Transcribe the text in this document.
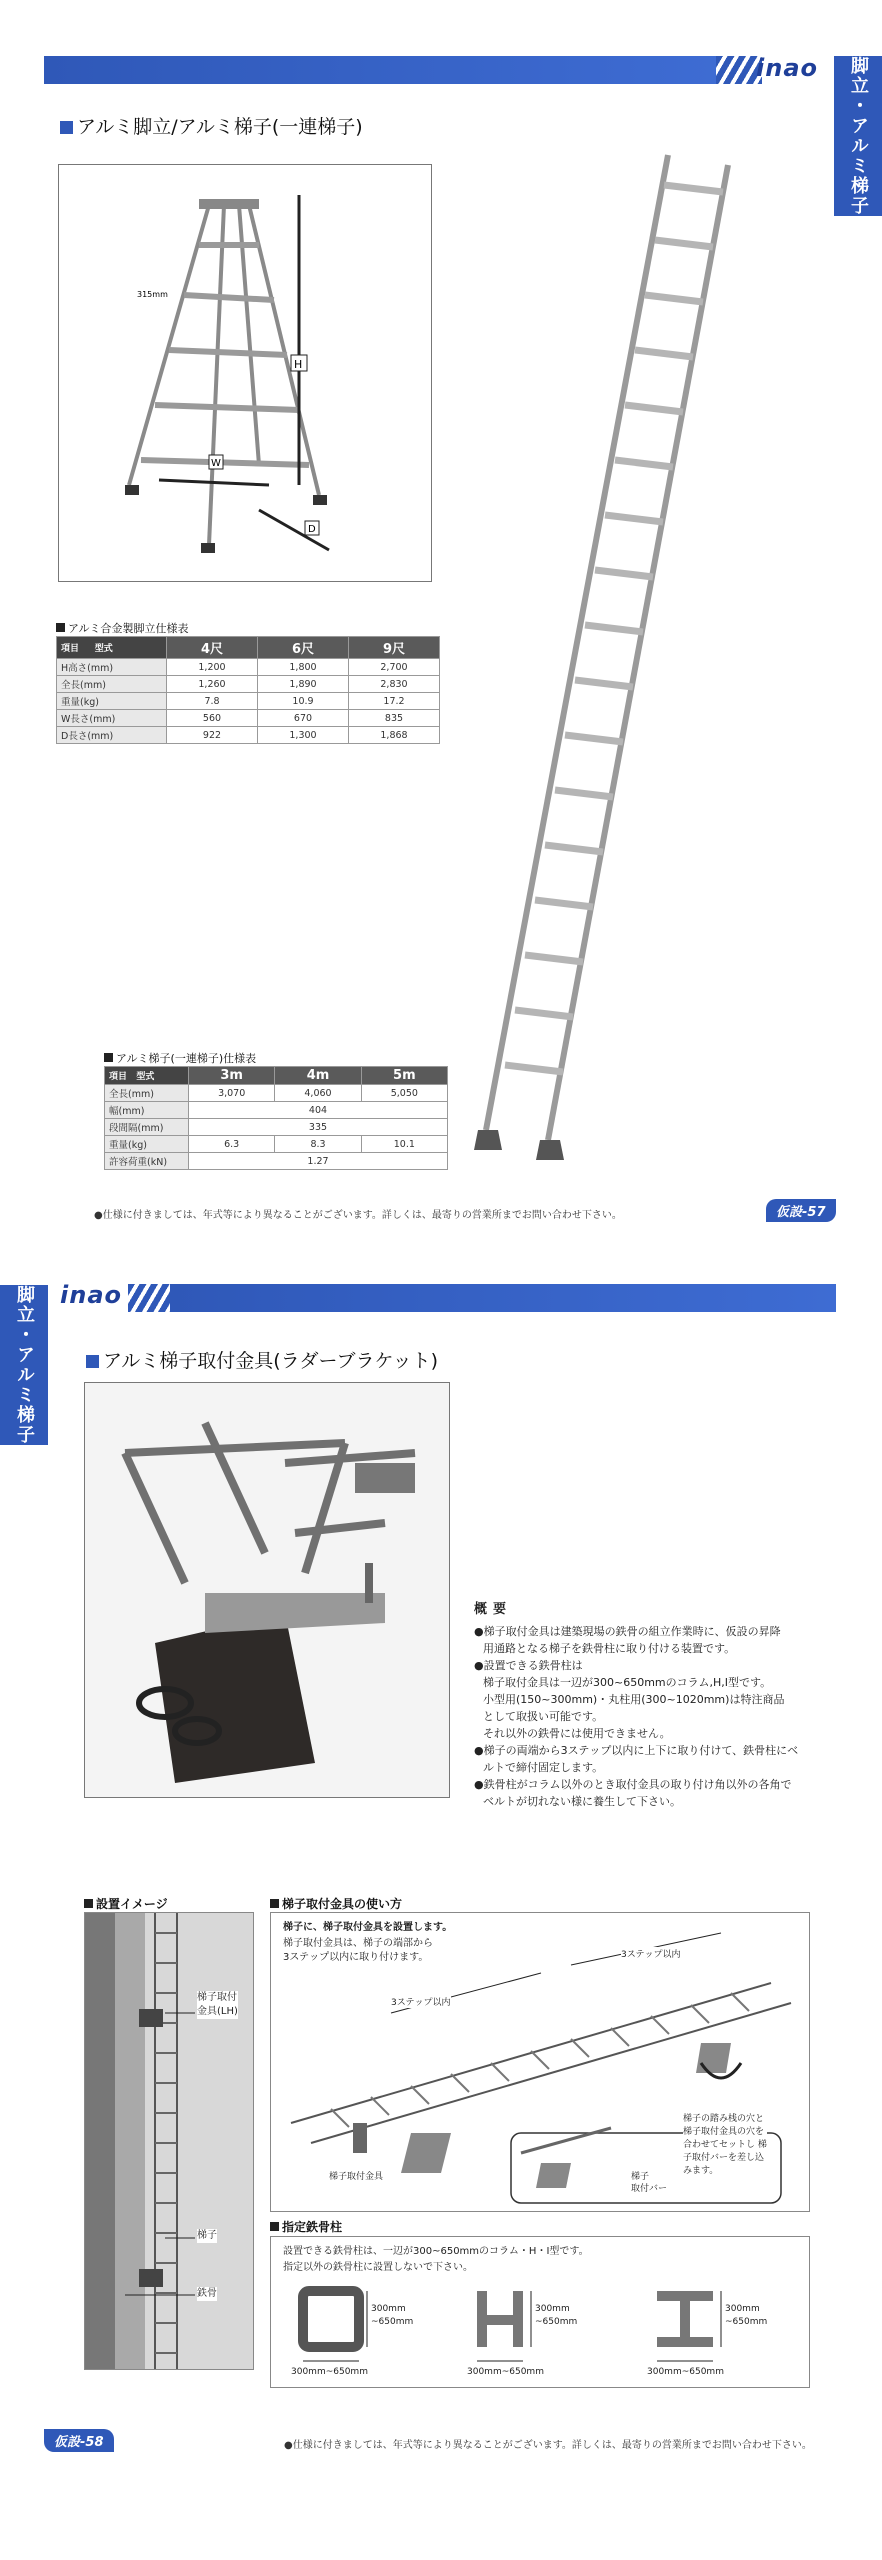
inao 脚立・アルミ梯子
アルミ脚立/アルミ梯子(一連梯子)
H
W
D
315mm
アルミ合金製脚立仕様表
項目 型式	4尺	6尺	9尺
H高さ(mm)	1,200	1,800	2,700
全長(mm)	1,260	1,890	2,830
重量(kg)	7.8	10.9	17.2
W長さ(mm)	560	670	835
D長さ(mm)	922	1,300	1,868
アルミ梯子(一連梯子)仕様表
項目 型式	3m	4m	5m
全長(mm)	3,070	4,060	5,050
幅(mm)	404		
段間隔(mm)	335		
重量(kg)	6.3	8.3	10.1
許容荷重(kN)	1.27		
●仕様に付きましては、年式等により異なることがございます。詳しくは、最寄りの営業所までお問い合わせ下さい。	仮設-57
脚立・アルミ梯子 inao
アルミ梯子取付金具(ラダーブラケット)
概要

●梯子取付金具は建築現場の鉄骨の組立作業時に、仮設の昇降

用通路となる梯子を鉄骨柱に取り付ける装置です。

●設置できる鉄骨柱は

梯子取付金具は一辺が300~650mmのコラム,H,I型です。

小型用(150~300mm)・丸柱用(300~1020mm)は特注商品

として取扱い可能です。

それ以外の鉄骨には使用できません。

●梯子の両端から3ステップ以内に上下に取り付けて、鉄骨柱にベ

ルトで締付固定します。

●鉄骨柱がコラム以外のとき取付金具の取り付け角以外の各角で

ベルトが切れない様に養生して下さい。

設置イメージ
梯子取付
金具(LH)
梯子
鉄骨
梯子取付金具の使い方
梯子に、梯子取付金具を設置します。
梯子取付金具は、梯子の端部から
3ステップ以内に取り付けます。
3ステップ以内
3ステップ以内
梯子取付金具	梯子
取付バー
梯子の踏み桟の穴と
梯子取付金具の穴を
合わせてセットし 梯
子取付バーを差し込
みます。
指定鉄骨柱
設置できる鉄骨柱は、一辺が300~650mmのコラム・H・I型です。
指定以外の鉄骨柱に設置しないで下さい。
300mm
~650mm
300mm
~650mm
300mm
~650mm
300mm~650mm	300mm~650mm	300mm~650mm
仮設-58	●仕様に付きましては、年式等により異なることがございます。詳しくは、最寄りの営業所までお問い合わせ下さい。
